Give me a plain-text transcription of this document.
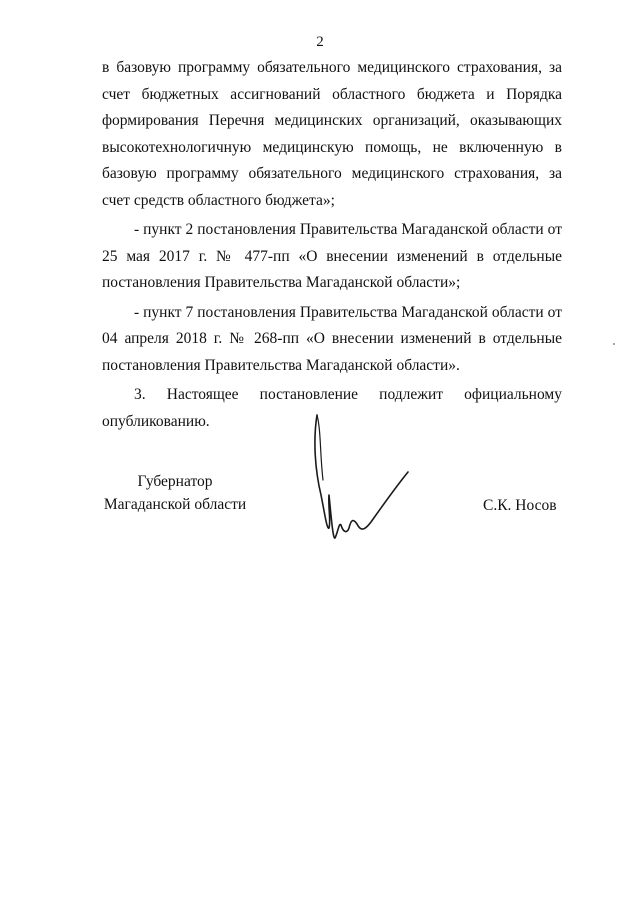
2

в базовую программу обязательного медицинского страхования, за счет бюджетных ассигнований областного бюджета и Порядка формирования Перечня медицинских организаций, оказывающих высокотехнологичную медицинскую помощь, не включенную в базовую программу обязательного медицинского страхования, за счет средств областного бюджета»;

- пункт 2 постановления Правительства Магаданской области от 25 мая 2017 г. № 477-пп «О внесении изменений в отдельные постановления Правительства Магаданской области»;

- пункт 7 постановления Правительства Магаданской области от 04 апреля 2018 г. № 268-пп «О внесении изменений в отдельные постановления Правительства Магаданской области».

3. Настоящее постановление подлежит официальному

опубликованию.

Губернатор
Магаданской области	С.К. Носов
